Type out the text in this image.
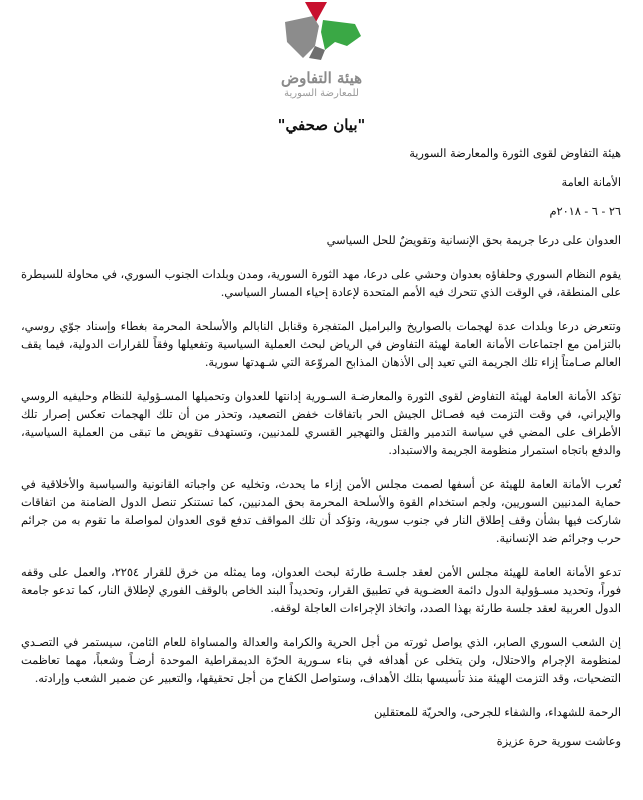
هيئة التفاوض
للمعارضة السورية
"بيان صحفي"

هيئة التفاوض لقوى الثورة والمعارضة السورية

الأمانة العامة

٢٦ - ٦ - ٢٠١٨م

العدوان على درعا جريمة بحق الإنسانية وتقويضٌ للحل السياسي

يقوم النظام السوري وحلفاؤه بعدوان وحشي على درعا، مهد الثورة السورية، ومدن وبلدات الجنوب السوري، في محاولة للسيطرة على المنطقة، في الوقت الذي تتحرك فيه الأمم المتحدة لإعادة إحياء المسار السياسي.

وتتعرض درعا وبلدات عدة لهجمات بالصواريخ والبراميل المتفجرة وقنابل النابالم والأسلحة المحرمة بغطاء وإسناد جوّي روسي، بالتزامن مع اجتماعات الأمانة العامة لهيئة التفاوض في الرياض لبحث العملية السياسية وتفعيلها وفقاً للقرارات الدولية، فيما يقف العالم صـامتاً إزاء تلك الجريمة التي تعيد إلى الأذهان المذابح المروّعة التي شـهدتها سورية.

تؤكد الأمانة العامة لهيئة التفاوض لقوى الثورة والمعارضـة السـورية إدانتها للعدوان وتحميلها المسـؤولية للنظام وحليفيه الروسي والإيراني، في وقت التزمت فيه فصـائل الجيش الحر باتفاقات خفض التصعيد، وتحذر من أن تلك الهجمات تعكس إصرار تلك الأطراف على المضي في سياسة التدمير والقتل والتهجير القسري للمدنيين، وتستهدف تقويض ما تبقى من العملية السياسية، والدفع باتجاه استمرار منظومة الجريمة والاستبداد.

تُعرب الأمانة العامة للهيئة عن أسفها لصمت مجلس الأمن إزاء ما يحدث، وتخليه عن واجباته القانونية والسياسية والأخلاقية في حماية المدنيين السوريين، ولجم استخدام القوة والأسلحة المحرمة بحق المدنيين، كما تستنكر تنصل الدول الضامنة من اتفاقات شاركت فيها بشأن وقف إطلاق النار في جنوب سورية، وتؤكد أن تلك المواقف تدفع قوى العدوان لمواصلة ما تقوم به من جرائم حرب وجرائم ضد الإنسانية.

تدعو الأمانة العامة للهيئة مجلس الأمن لعقد جلسـة طارئة لبحث العدوان، وما يمثله من خرق للقرار ٢٢٥٤، والعمل على وقفه فوراً، وتحديد مسـؤولية الدول دائمة العضـوية في تطبيق القرار، وتحديداً البند الخاص بالوقف الفوري لإطلاق النار، كما تدعو جامعة الدول العربية لعقد جلسة طارئة بهذا الصدد، واتخاذ الإجراءات العاجلة لوقفه.

إن الشعب السوري الصابر، الذي يواصل ثورته من أجل الحرية والكرامة والعدالة والمساواة للعام الثامن، سيستمر في التصـدي لمنظومة الإجرام والاحتلال، ولن يتخلى عن أهدافه في بناء سـورية الحرّة الديمقراطية الموحدة أرضـاً وشعباً، مهما تعاظمت التضحيات، وقد التزمت الهيئة منذ تأسيسها بتلك الأهداف، وستواصل الكفاح من أجل تحقيقها، والتعبير عن ضمير الشعب وإرادته.

الرحمة للشهداء، والشفاء للجرحى، والحريّة للمعتقلين

وعاشت سورية حرة عزيزة
